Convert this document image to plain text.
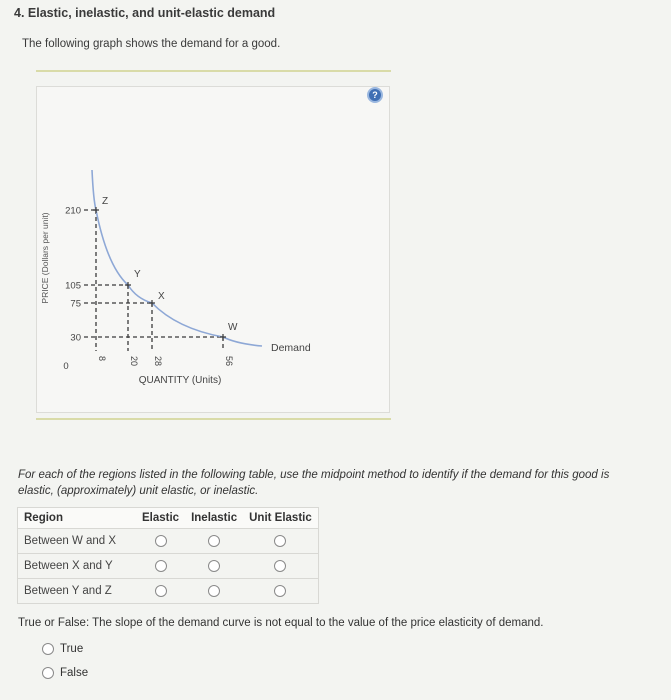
4. Elastic, inelastic, and unit-elastic demand
The following graph shows the demand for a good.
?
PRICE (Dollars per unit)
QUANTITY (Units)
Z
Y
X
W
210
105
75
30
0
8 20 28	56
Demand
For each of the regions listed in the following table, use the midpoint method to identify if the demand for this good is elastic, (approximately) unit elastic, or inelastic.
Region	Elastic	Inelastic	Unit Elastic
Between W and X			
Between X and Y			
Between Y and Z			
True or False: The slope of the demand curve is not equal to the value of the price elasticity of demand.
True
False
